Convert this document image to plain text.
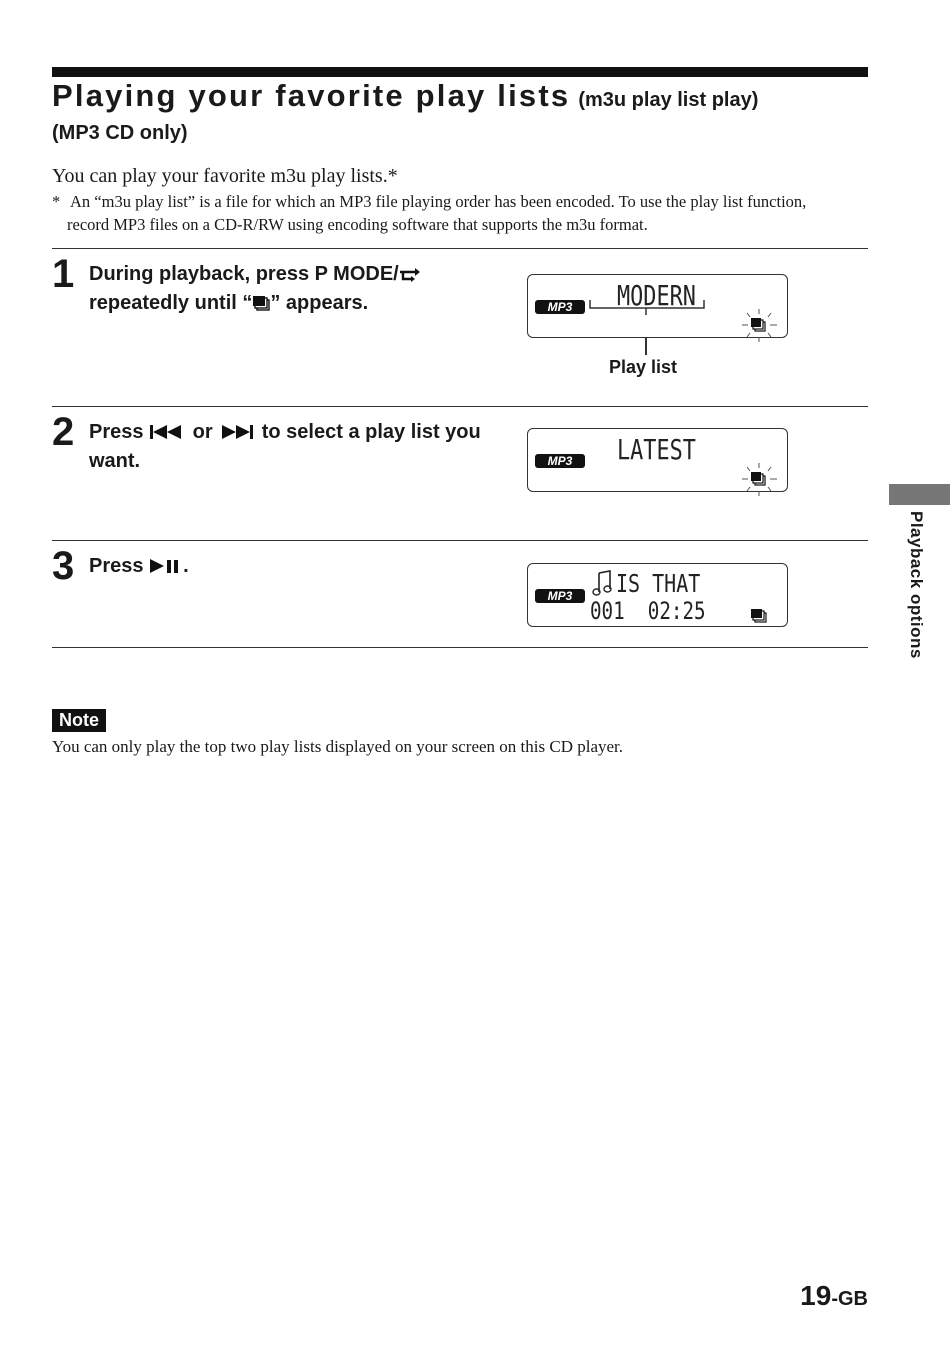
Playing your favorite play lists (m3u play list play)
(MP3 CD only)
You can play your favorite m3u play lists.*
* An “m3u play list” is a file for which an MP3 file playing order has been encoded. To use the play list function, record MP3 files on a CD-R/RW using encoding software that supports the m3u format.
1 During playback, press P MODE/
repeatedly until “ ” appears.	MP3	MODERN
Play list
2 Press or to select a play list you want.	MP3	LATEST
3 Press .
MP3	IS THAT
001  02:25
Note
You can only play the top two play lists displayed on your screen on this CD player.
Playback options
19-GB
